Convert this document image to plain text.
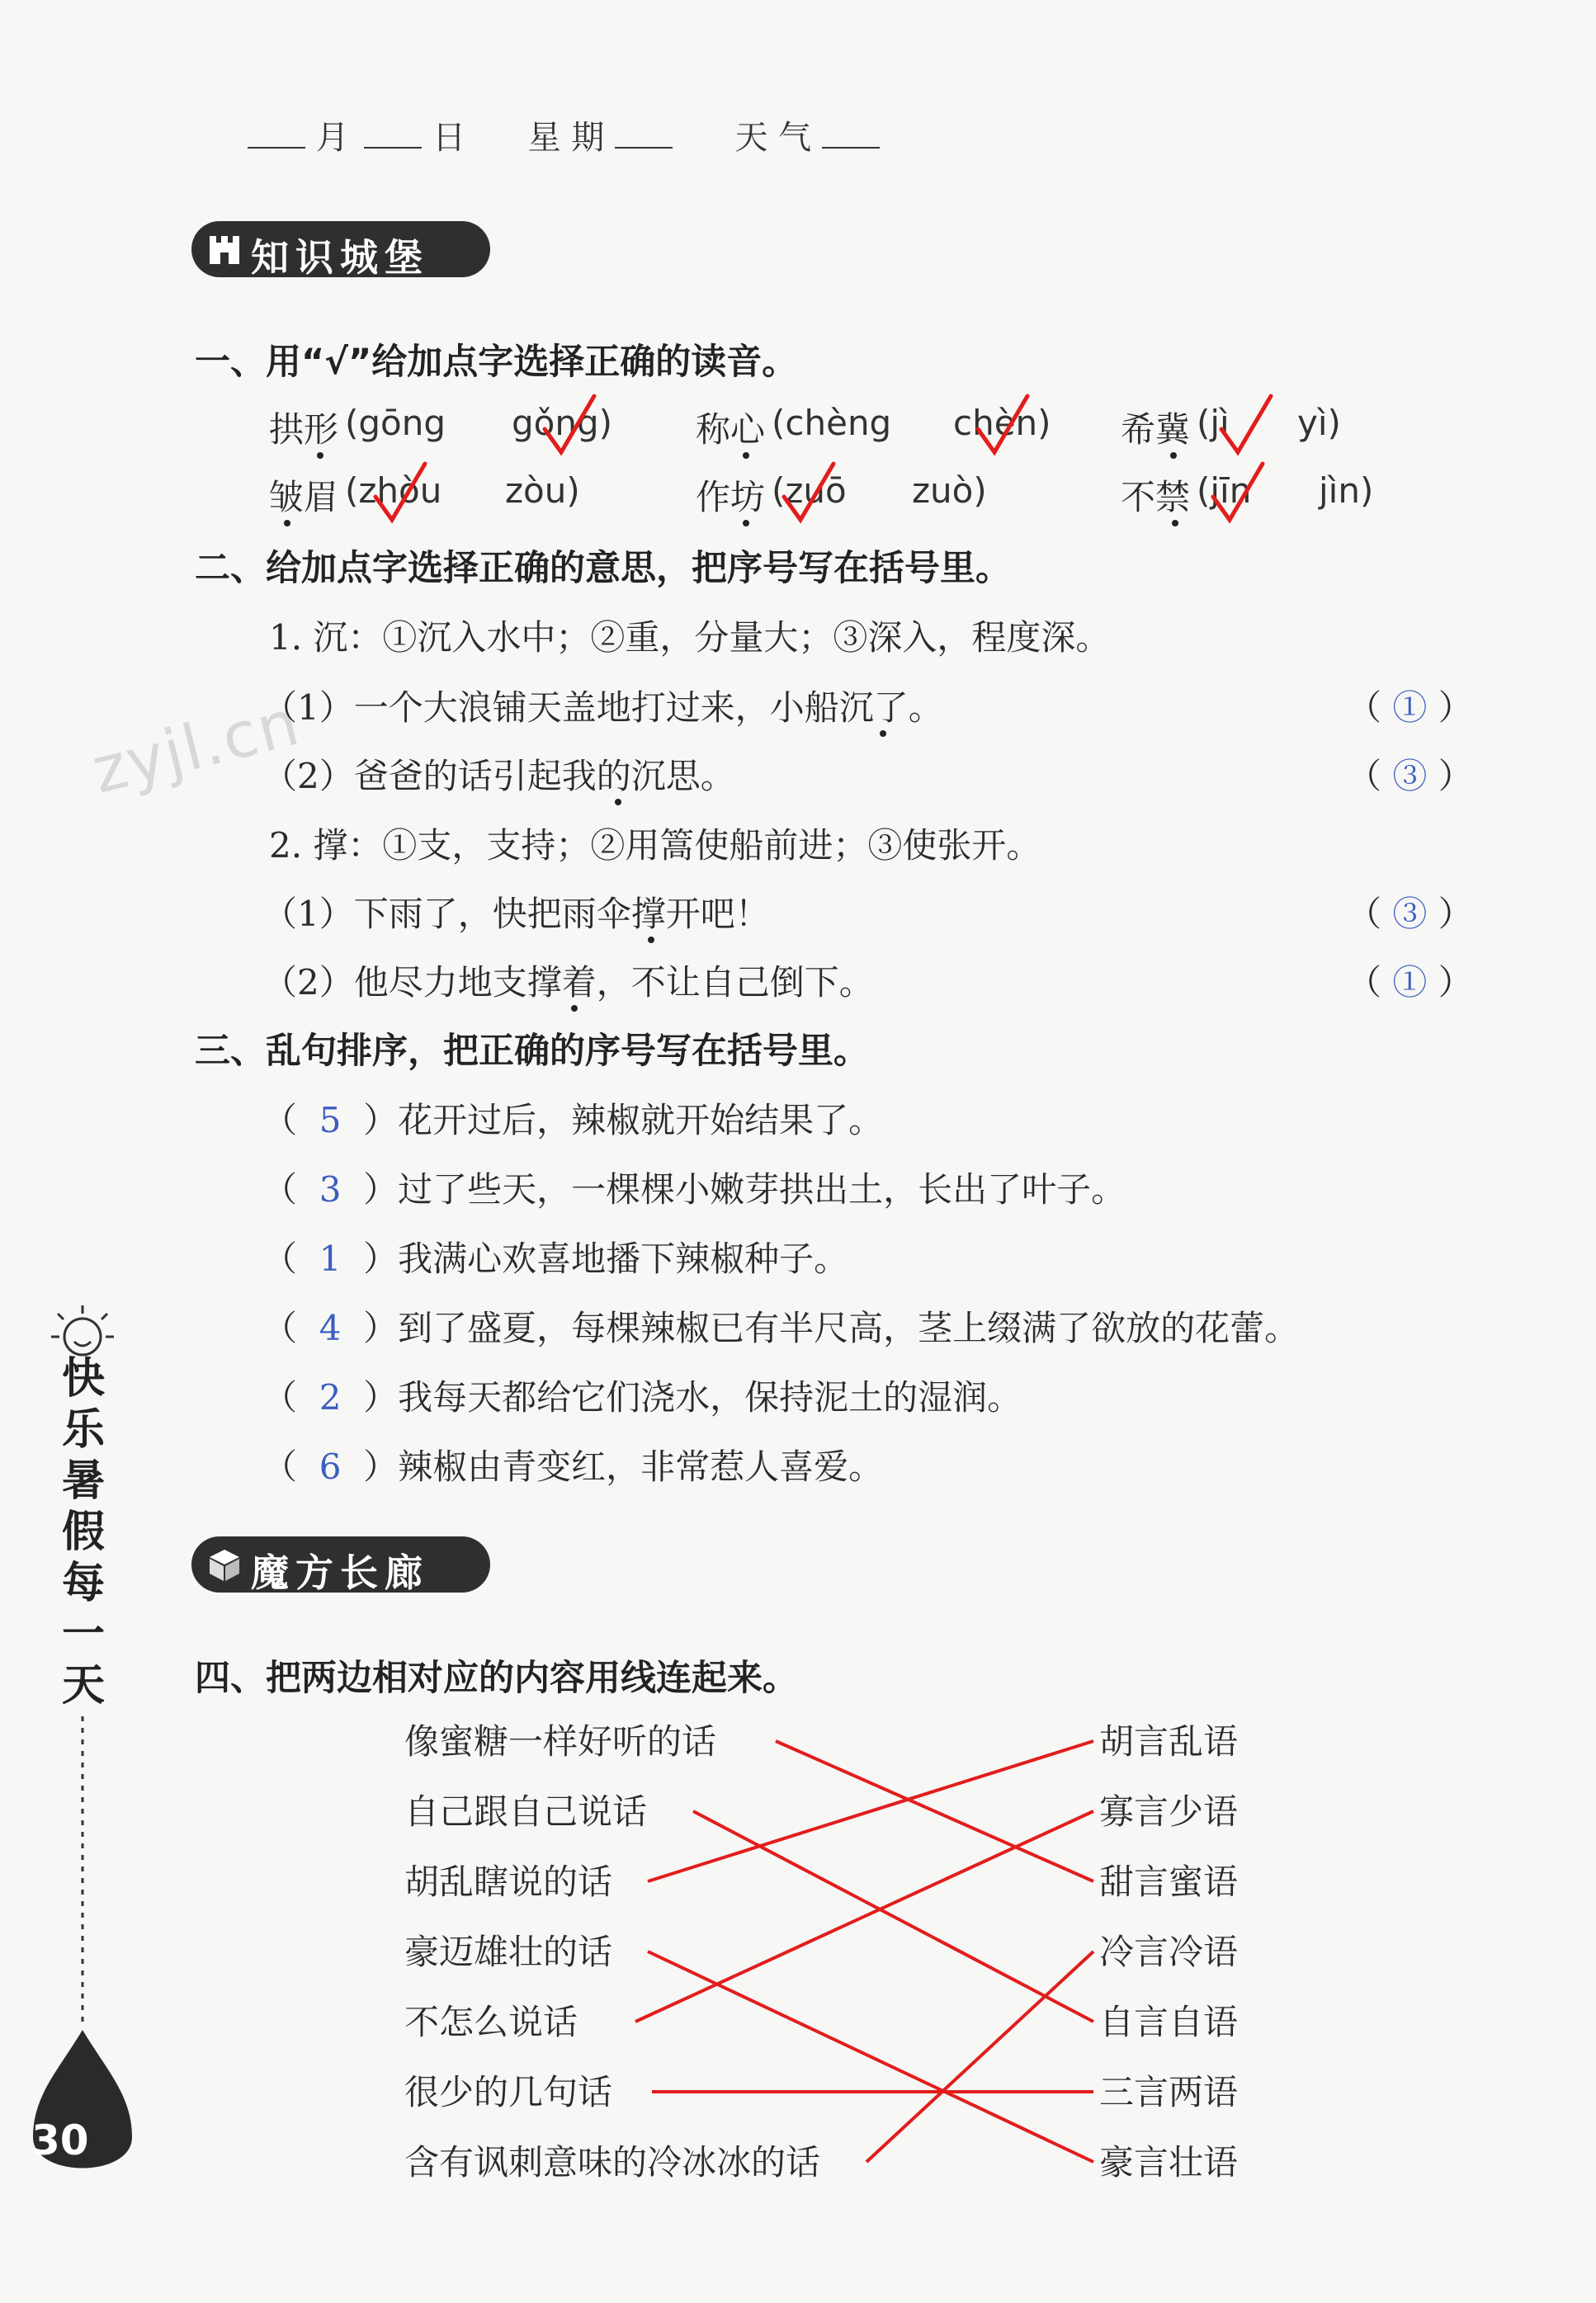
zyjl.cn
月	日 星 期	天 气
知识城堡
一、用“√”给加点字选择正确的读音。
拱形 (gōng gǒng) 称心 (chèng chèn) 希冀 (jì yì)
皱眉 (zhòu zòu)	作坊 (zuō zuò)	不禁 (jīn jìn)
二、给加点字选择正确的意思，把序号写在括号里。
1. 沉：①沉入水中；②重，分量大；③深入，程度深。
（1）一个大浪铺天盖地打过来，小船沉了。	（ ① ）
（2）爸爸的话引起我的沉思。	（ ③ ）
2. 撑：①支，支持；②用篙使船前进；③使张开。
（1）下雨了，快把雨伞撑开吧！	（ ③ ）
（2）他尽力地支撑着，不让自己倒下。	（ ① ）
三、乱句排序，把正确的序号写在括号里。
（  5  ）花开过后，辣椒就开始结果了。
（  3  ）过了些天，一棵棵小嫩芽拱出土，长出了叶子。
（  1  ）我满心欢喜地播下辣椒种子。
（  4  ）到了盛夏，每棵辣椒已有半尺高，茎上缀满了欲放的花蕾。
（  2  ）我每天都给它们浇水，保持泥土的湿润。
（  6  ）辣椒由青变红，非常惹人喜爱。
魔方长廊
四、把两边相对应的内容用线连起来。
像蜜糖一样好听的话
自己跟自己说话
胡乱瞎说的话
豪迈雄壮的话
不怎么说话
很少的几句话
含有讽刺意味的冷冰冰的话
胡言乱语
寡言少语
甜言蜜语
冷言冷语
自言自语
三言两语
豪言壮语
快乐暑假每一天
30
